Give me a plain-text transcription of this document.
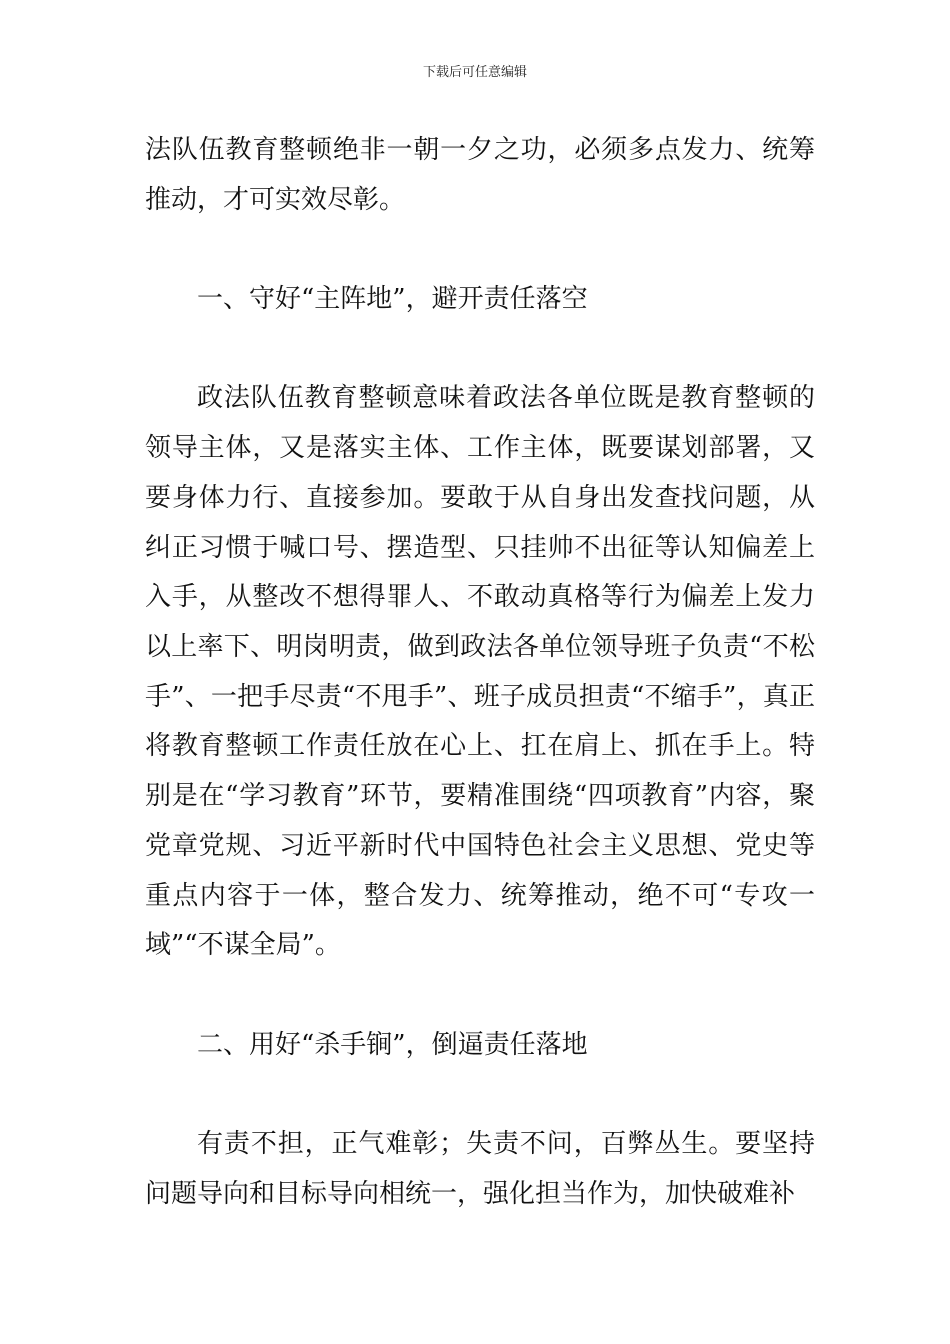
下载后可任意编辑

法队伍教育整顿绝非一朝一夕之功，必须多点发力、统筹推动，才可实效尽彰。

一、守好“主阵地”，避开责任落空

政法队伍教育整顿意味着政法各单位既是教育整顿的领导主体，又是落实主体、工作主体，既要谋划部署，又要身体力行、直接参加。要敢于从自身出发查找问题，从纠正习惯于喊口号、摆造型、只挂帅不出征等认知偏差上入手，从整改不想得罪人、不敢动真格等行为偏差上发力以上率下、明岗明责，做到政法各单位领导班子负责“不松手”、一把手尽责“不甩手”、班子成员担责“不缩手”，真正将教育整顿工作责任放在心上、扛在肩上、抓在手上。特别是在“学习教育”环节，要精准围绕“四项教育”内容，聚党章党规、习近平新时代中国特色社会主义思想、党史等重点内容于一体，整合发力、统筹推动，绝不可“专攻一域”“不谋全局”。

二、用好“杀手锏”，倒逼责任落地

有责不担，正气难彰；失责不问，百弊丛生。要坚持问题导向和目标导向相统一，强化担当作为，加快破难补
